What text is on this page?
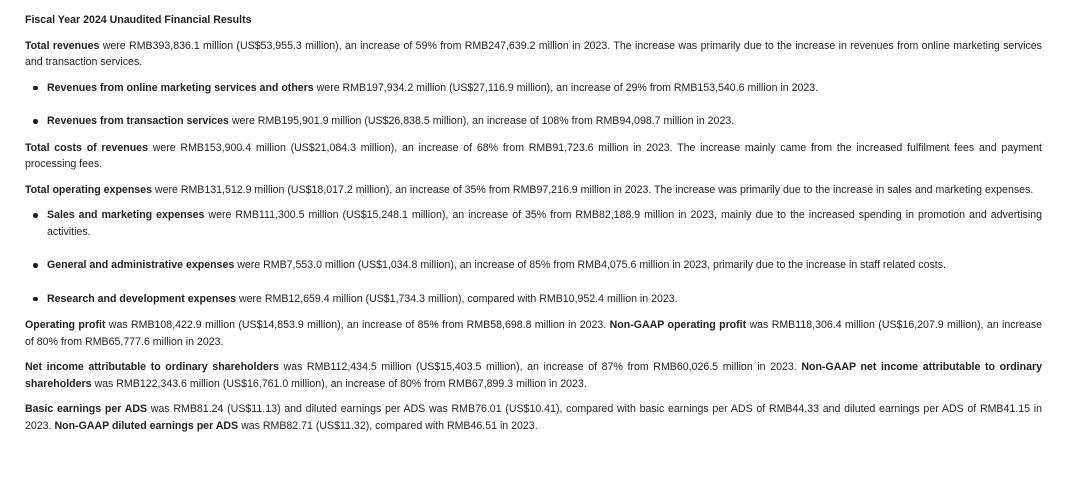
Fiscal Year 2024 Unaudited Financial Results

Total revenues were RMB393,836.1 million (US$53,955.3 million), an increase of 59% from RMB247,639.2 million in 2023. The increase was primarily due to the increase in revenues from online marketing services and transaction services.

Revenues from online marketing services and others were RMB197,934.2 million (US$27,116.9 million), an increase of 29% from RMB153,540.6 million in 2023.
Revenues from transaction services were RMB195,901.9 million (US$26,838.5 million), an increase of 108% from RMB94,098.7 million in 2023.

Total costs of revenues were RMB153,900.4 million (US$21,084.3 million), an increase of 68% from RMB91,723.6 million in 2023. The increase mainly came from the increased fulfilment fees and payment processing fees.

Total operating expenses were RMB131,512.9 million (US$18,017.2 million), an increase of 35% from RMB97,216.9 million in 2023. The increase was primarily due to the increase in sales and marketing expenses.

Sales and marketing expenses were RMB111,300.5 million (US$15,248.1 million), an increase of 35% from RMB82,188.9 million in 2023, mainly due to the increased spending in promotion and advertising activities.
General and administrative expenses were RMB7,553.0 million (US$1,034.8 million), an increase of 85% from RMB4,075.6 million in 2023, primarily due to the increase in staff related costs.
Research and development expenses were RMB12,659.4 million (US$1,734.3 million), compared with RMB10,952.4 million in 2023.

Operating profit was RMB108,422.9 million (US$14,853.9 million), an increase of 85% from RMB58,698.8 million in 2023. Non-GAAP operating profit was RMB118,306.4 million (US$16,207.9 million), an increase of 80% from RMB65,777.6 million in 2023.

Net income attributable to ordinary shareholders was RMB112,434.5 million (US$15,403.5 million), an increase of 87% from RMB60,026.5 million in 2023. Non-GAAP net income attributable to ordinary shareholders was RMB122,343.6 million (US$16,761.0 million), an increase of 80% from RMB67,899.3 million in 2023.

Basic earnings per ADS was RMB81.24 (US$11.13) and diluted earnings per ADS was RMB76.01 (US$10.41), compared with basic earnings per ADS of RMB44.33 and diluted earnings per ADS of RMB41.15 in 2023. Non-GAAP diluted earnings per ADS was RMB82.71 (US$11.32), compared with RMB46.51 in 2023.
